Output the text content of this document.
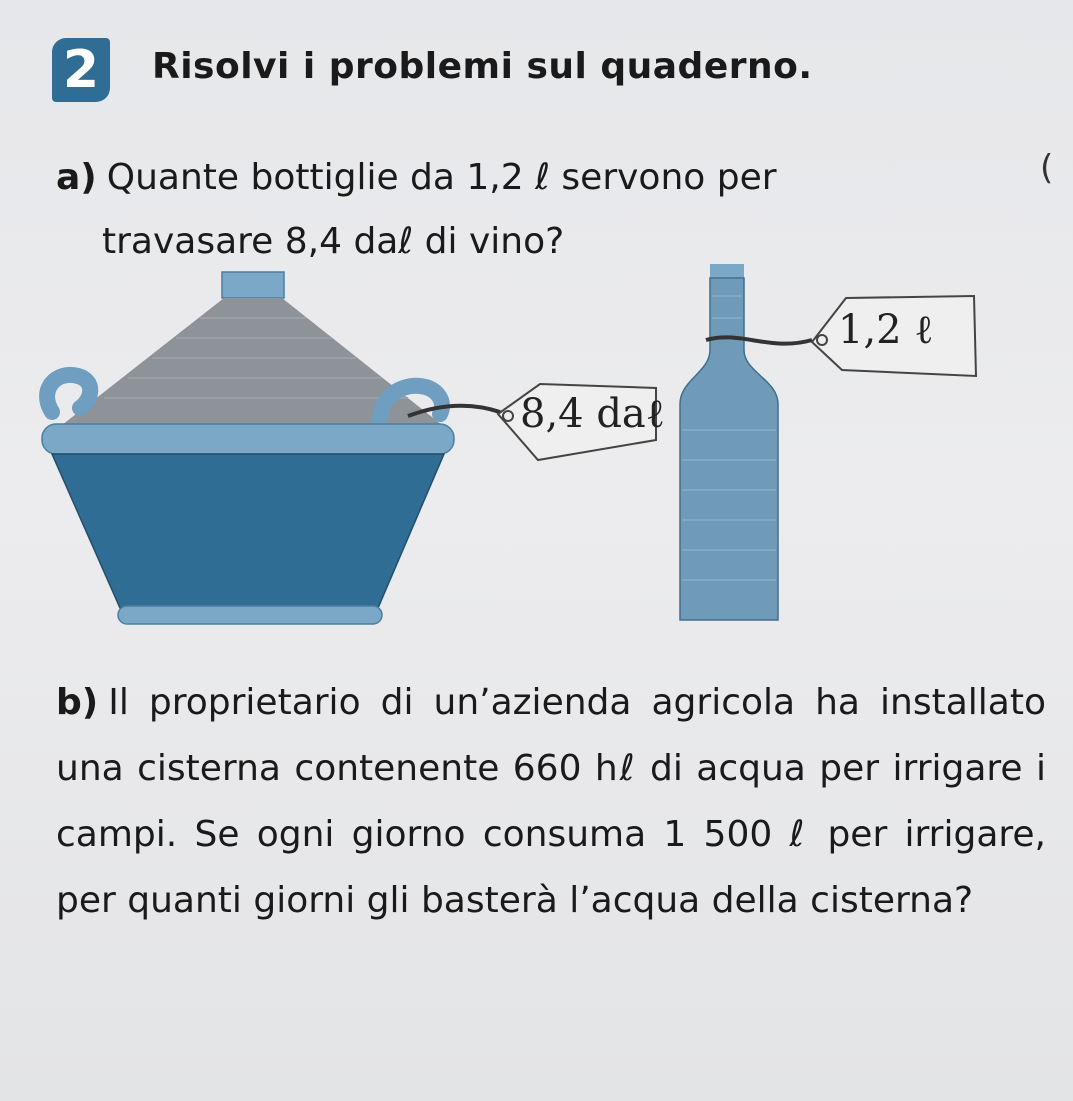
2	Risolvi i problemi sul quaderno.
(
a) Quante bottiglie da 1,2 ℓ servono per
travasare 8,4 daℓ di vino?
8,4 daℓ
1,2 ℓ
b) Il proprietario di un’azienda agricola ha installato una cisterna contenente 660 hℓ di acqua per irrigare i campi. Se ogni giorno consuma 1 500 ℓ per irrigare, per quanti giorni gli basterà l’acqua della cisterna?
